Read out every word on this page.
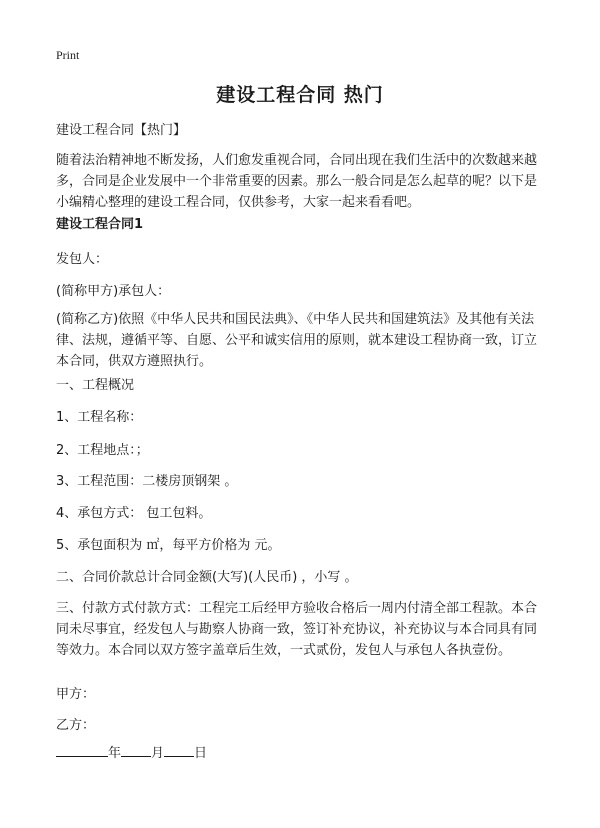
Print
建设工程合同 热门
建设工程合同【热门】
随着法治精神地不断发扬，人们愈发重视合同，合同出现在我们生活中的次数越来越多，合同是企业发展中一个非常重要的因素。那么一般合同是怎么起草的呢？以下是小编精心整理的建设工程合同，仅供参考，大家一起来看看吧。
建设工程合同1
发包人：
(简称甲方)承包人：
(简称乙方)依照《中华人民共和国民法典》、《中华人民共和国建筑法》及其他有关法律、法规，遵循平等、自愿、公平和诚实信用的原则，就本建设工程协商一致，订立本合同，供双方遵照执行。
一、工程概况
1、工程名称：
2、工程地点：；
3、工程范围：二楼房顶钢架 。
4、承包方式： 包工包料。
5、承包面积为 ㎡，每平方价格为 元。
二、合同价款总计合同金额(大写)(人民币) ，小写 。
三、付款方式付款方式：工程完工后经甲方验收合格后一周内付清全部工程款。本合同未尽事宜，经发包人与勘察人协商一致，签订补充协议，补充协议与本合同具有同等效力。本合同以双方签字盖章后生效，一式贰份，发包人与承包人各执壹份。
甲方：
乙方：
年 月 日
